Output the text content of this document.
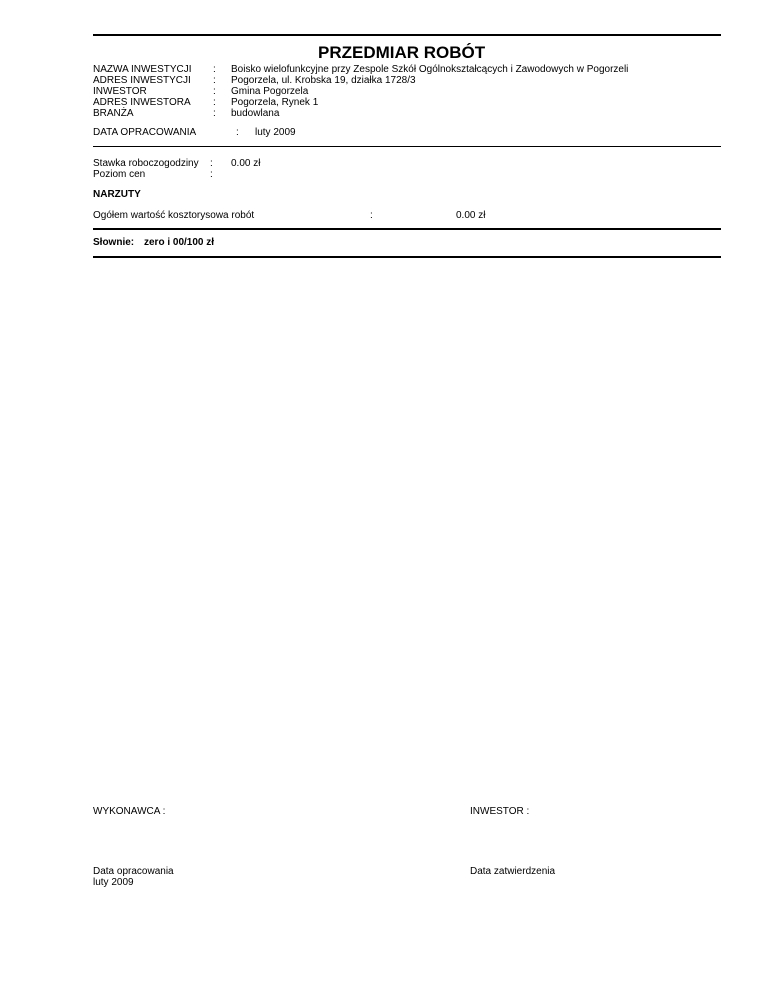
PRZEDMIAR ROBÓT
NAZWA INWESTYCJI : Boisko wielofunkcyjne przy Zespole Szkół Ogólnokształcących i Zawodowych w Pogorzeli
ADRES INWESTYCJI : Pogorzela, ul. Krobska 19, działka 1728/3
INWESTOR	: Gmina Pogorzela
ADRES INWESTORA : Pogorzela, Rynek 1
BRANŻA	: budowlana
DATA OPRACOWANIA	: luty 2009
Stawka roboczogodziny : 0.00 zł
Poziom cen	:
NARZUTY
Ogółem wartość kosztorysowa robót	:	0.00 zł
Słownie: zero i 00/100 zł
WYKONAWCA :	INWESTOR :
Data opracowania
luty 2009
Data zatwierdzenia
